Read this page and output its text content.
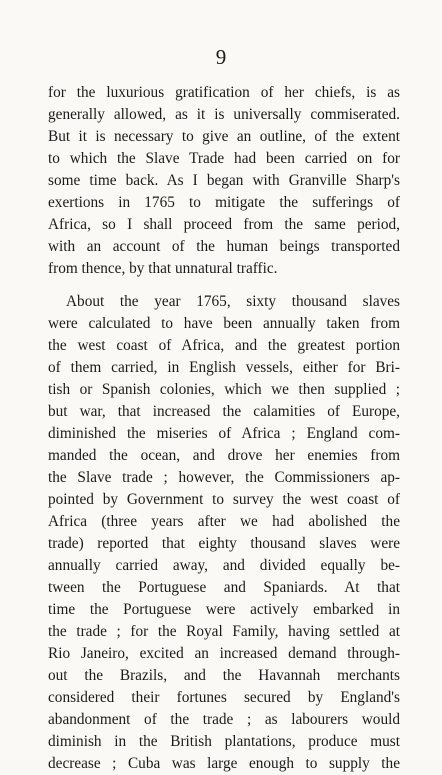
9
for the luxurious gratification of her chiefs, is as
generally allowed, as it is universally commiserated.
But it is necessary to give an outline, of the extent
to which the Slave Trade had been carried on for
some time back. As I began with Granville Sharp's
exertions in 1765 to mitigate the sufferings of
Africa, so I shall proceed from the same period,
with an account of the human beings transported
from thence, by that unnatural traffic.
About the year 1765, sixty thousand slaves
were calculated to have been annually taken from
the west coast of Africa, and the greatest portion
of them carried, in English vessels, either for Bri-
tish or Spanish colonies, which we then supplied ;
but war, that increased the calamities of Europe,
diminished the miseries of Africa ; England com-
manded the ocean, and drove her enemies from
the Slave trade ; however, the Commissioners ap-
pointed by Government to survey the west coast of
Africa (three years after we had abolished the
trade) reported that eighty thousand slaves were
annually carried away, and divided equally be-
tween the Portuguese and Spaniards. At that
time the Portuguese were actively embarked in
the trade ; for the Royal Family, having settled at
Rio Janeiro, excited an increased demand through-
out the Brazils, and the Havannah merchants
considered their fortunes secured by England's
abandonment of the trade ; as labourers would
diminish in the British plantations, produce must
decrease ; Cuba was large enough to supply the
